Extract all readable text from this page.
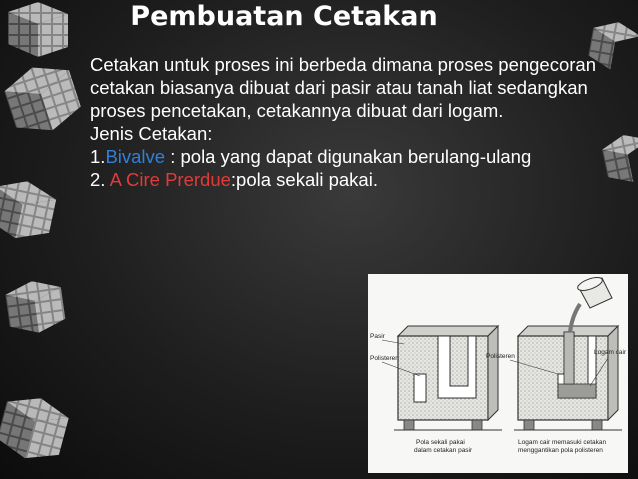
Pembuatan Cetakan

Cetakan untuk proses ini berbeda dimana proses pengecoran cetakan biasanya dibuat dari pasir atau tanah liat sedangkan proses pencetakan, cetakannya dibuat dari logam.

Jenis Cetakan:

1.Bivalve : pola yang dapat digunakan berulang-ulang

2. A Cire Prerdue:pola sekali pakai.

Pasir
Polisteren
Pola sekali pakai
dalam cetakan pasir
Polisteren
Logam cair
Logam cair memasuki cetakan
menggantikan pola polisteren
